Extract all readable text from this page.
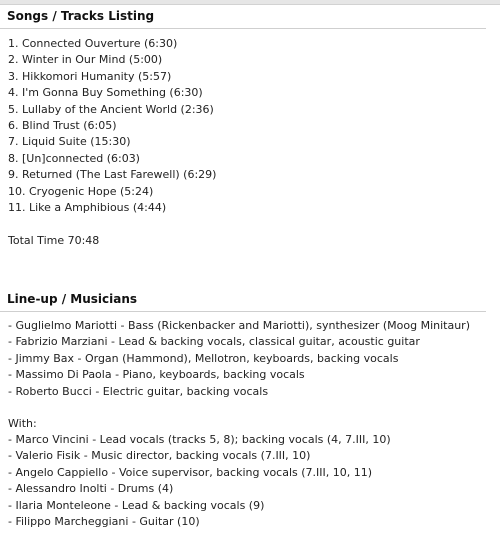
Songs / Tracks Listing
1. Connected Ouverture (6:30)
2. Winter in Our Mind (5:00)
3. Hikkomori Humanity (5:57)
4. I'm Gonna Buy Something (6:30)
5. Lullaby of the Ancient World (2:36)
6. Blind Trust (6:05)
7. Liquid Suite (15:30)
8. [Un]connected (6:03)
9. Returned (The Last Farewell) (6:29)
10. Cryogenic Hope (5:24)
11. Like a Amphibious (4:44)
Total Time 70:48
Line-up / Musicians
- Guglielmo Mariotti - Bass (Rickenbacker and Mariotti), synthesizer (Moog Minitaur)
- Fabrizio Marziani - Lead & backing vocals, classical guitar, acoustic guitar
- Jimmy Bax - Organ (Hammond), Mellotron, keyboards, backing vocals
- Massimo Di Paola - Piano, keyboards, backing vocals
- Roberto Bucci - Electric guitar, backing vocals
With:
- Marco Vincini - Lead vocals (tracks 5, 8); backing vocals (4, 7.III, 10)
- Valerio Fisik - Music director, backing vocals (7.III, 10)
- Angelo Cappiello - Voice supervisor, backing vocals (7.III, 10, 11)
- Alessandro Inolti - Drums (4)
- Ilaria Monteleone - Lead & backing vocals (9)
- Filippo Marcheggiani - Guitar (10)
